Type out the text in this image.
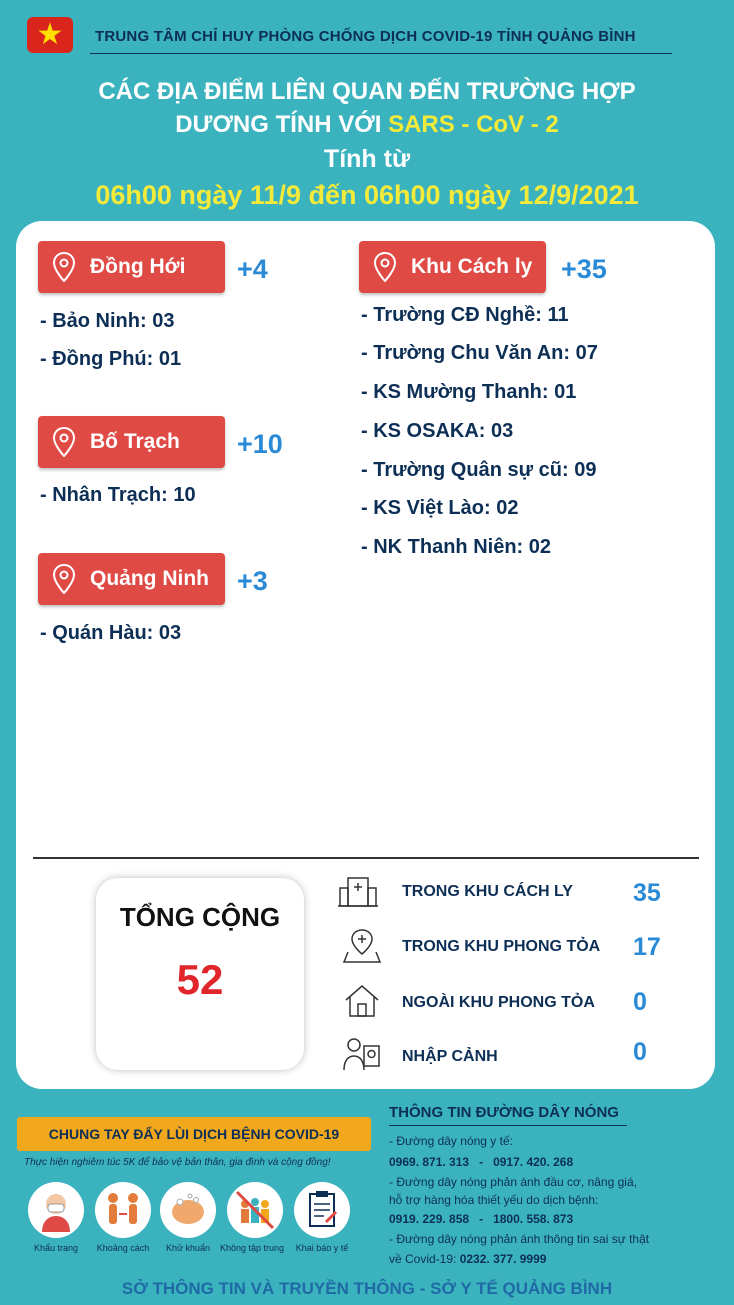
★	TRUNG TÂM CHỈ HUY PHÒNG CHỐNG DỊCH COVID-19 TỈNH QUẢNG BÌNH
CÁC ĐỊA ĐIỂM LIÊN QUAN ĐẾN TRƯỜNG HỢP
DƯƠNG TÍNH VỚI SARS - CoV - 2
Tính từ
06h00 ngày 11/9 đến 06h00 ngày 12/9/2021
Đồng Hới +4
- Bảo Ninh: 03
- Đồng Phú: 01
Bố Trạch +10
- Nhân Trạch: 10
Quảng Ninh +3
- Quán Hàu: 03
Khu Cách ly +35
- Trường CĐ Nghề: 11
- Trường Chu Văn An: 07
- KS Mường Thanh: 01
- KS OSAKA: 03
- Trường Quân sự cũ: 09
- KS Việt Lào: 02
- NK Thanh Niên: 02
TỔNG CỘNG
52
TRONG KHU CÁCH LY 35
TRONG KHU PHONG TỎA 17
NGOÀI KHU PHONG TỎA 0
NHẬP CẢNH	0
CHUNG TAY ĐẨY LÙI DỊCH BỆNH COVID-19
Thực hiện nghiêm túc 5K để bảo vệ bản thân, gia đình và cộng đồng!
Khẩu trang	Khoảng cách	Khử khuẩn	Không tập trung	Khai báo y tế
THÔNG TIN ĐƯỜNG DÂY NÓNG
- Đường dây nóng y tế:
0969. 871. 313   -   0917. 420. 268
- Đường dây nóng phản ánh đầu cơ, nâng giá,
hỗ trợ hàng hóa thiết yếu do dịch bệnh:
0919. 229. 858   -   1800. 558. 873
- Đường dây nóng phản ánh thông tin sai sự thật
về Covid-19: 0232. 377. 9999
SỞ THÔNG TIN VÀ TRUYỀN THÔNG - SỞ Y TẾ QUẢNG BÌNH
